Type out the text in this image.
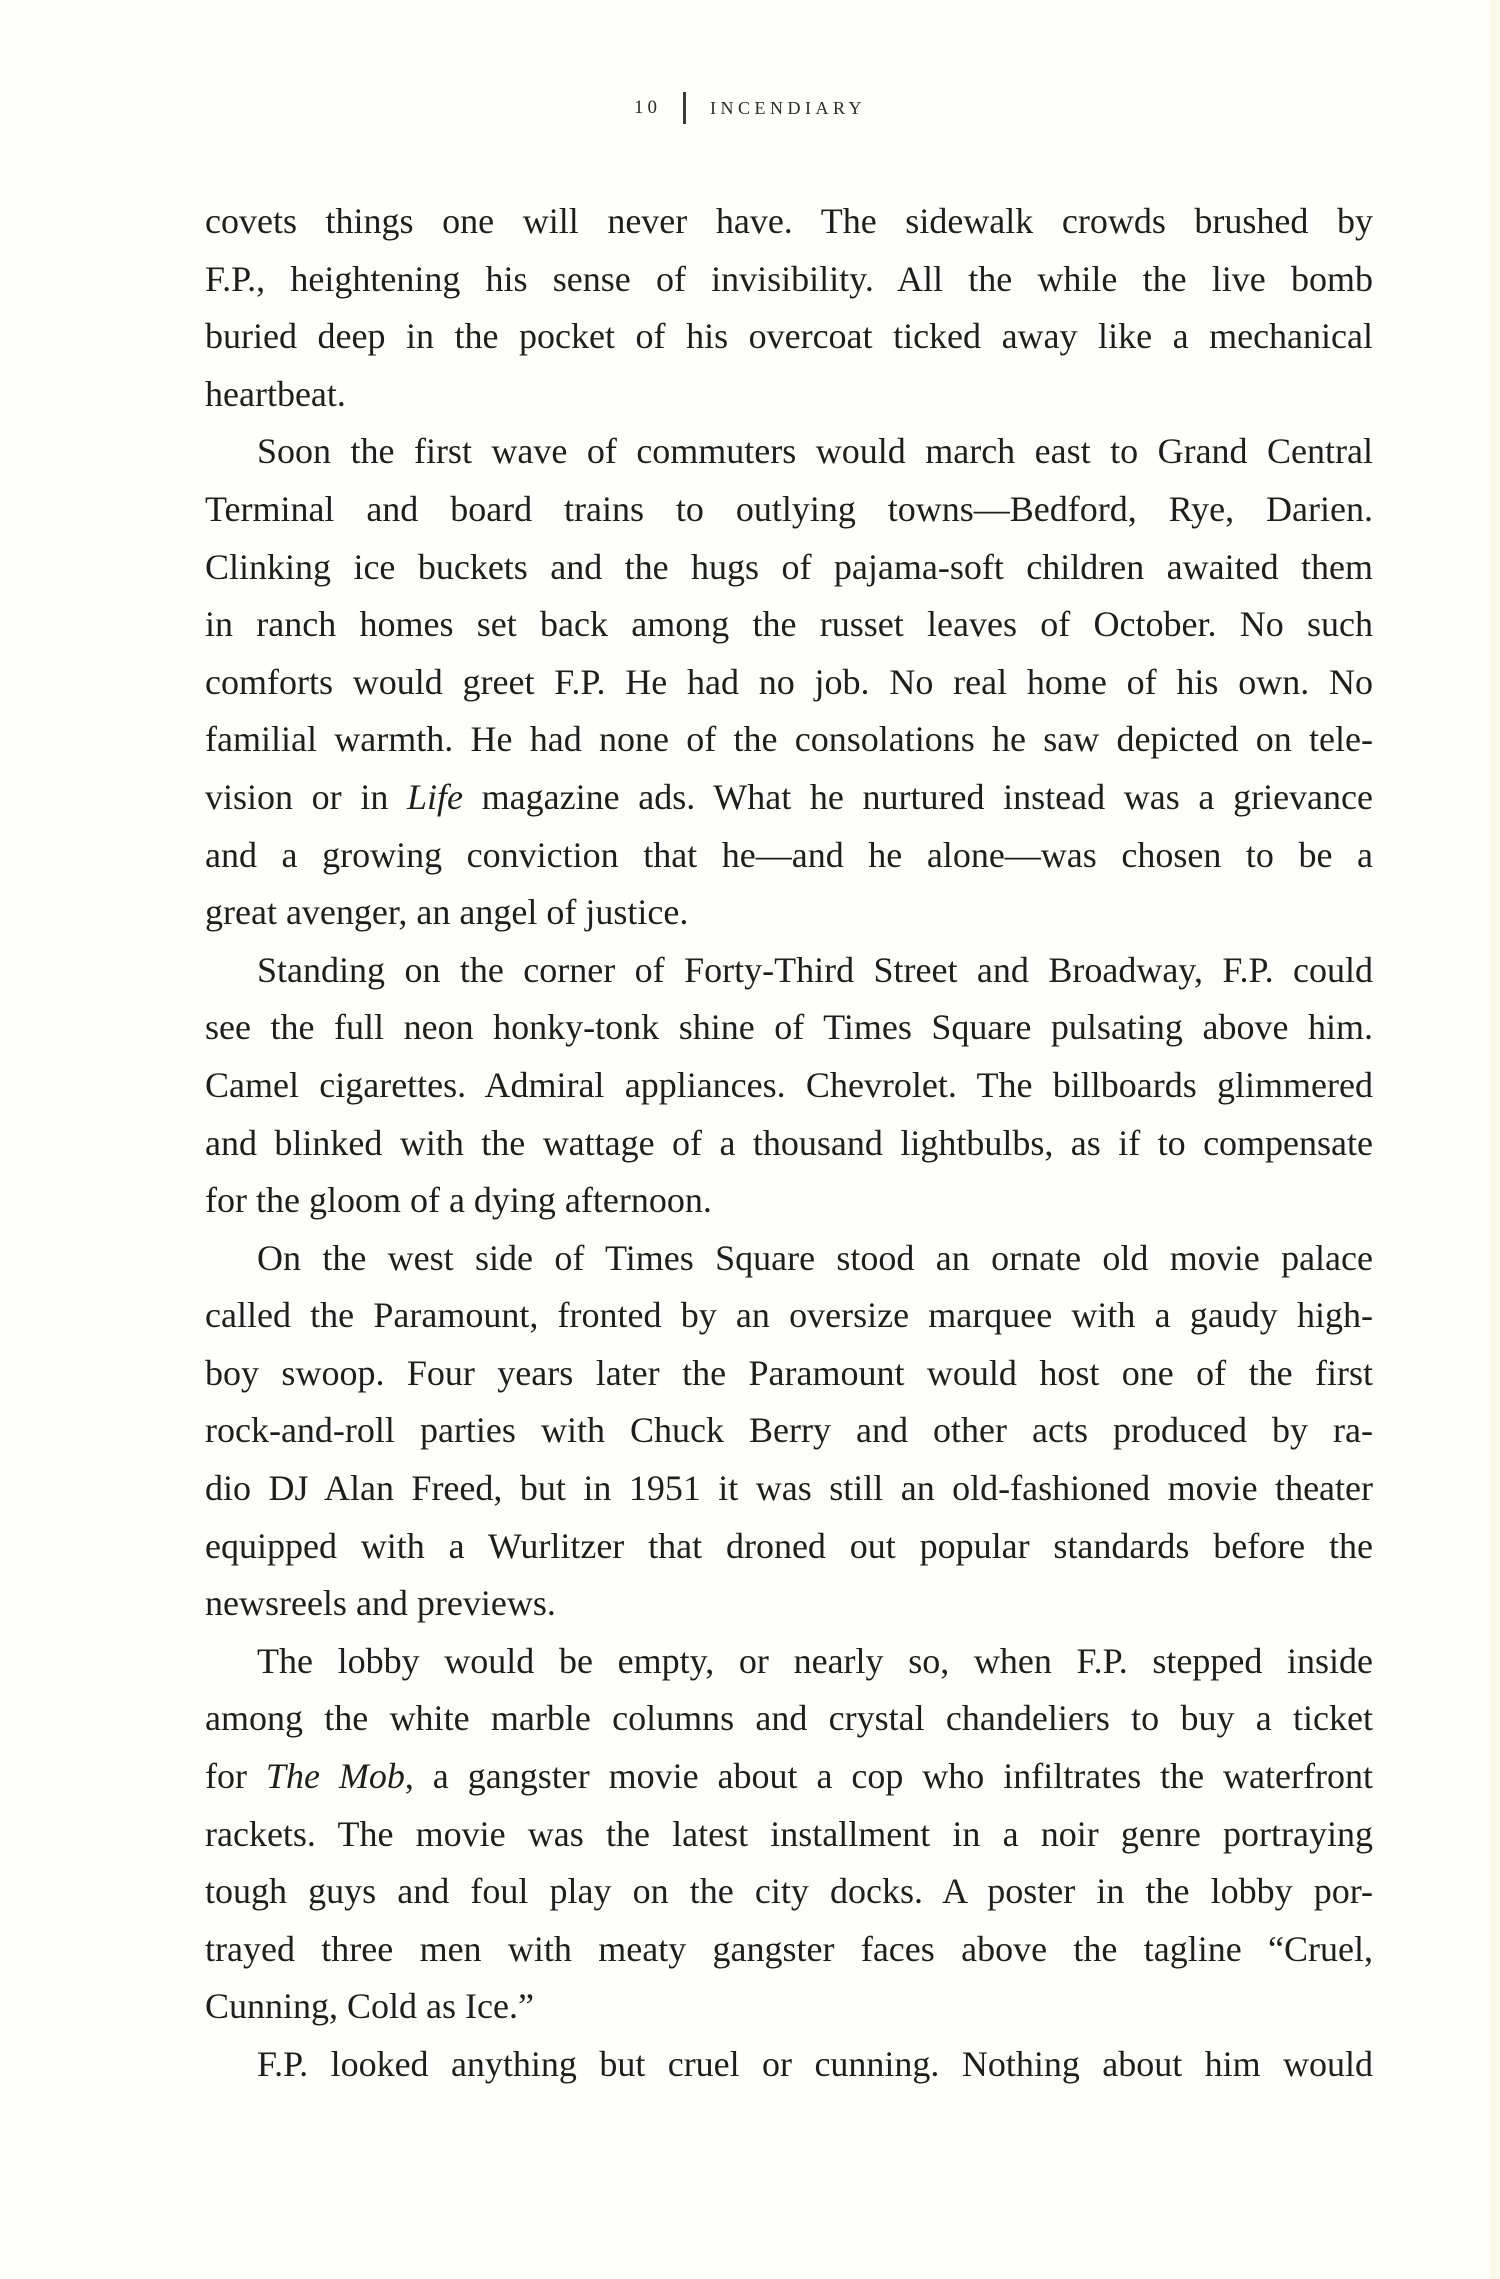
10	INCENDIARY
covets things one will never have. The sidewalk crowds brushed by
F.P., heightening his sense of invisibility. All the while the live bomb
buried deep in the pocket of his overcoat ticked away like a mechanical
heartbeat.
Soon the first wave of commuters would march east to Grand Central
Terminal and board trains to outlying towns—Bedford, Rye, Darien.
Clinking ice buckets and the hugs of pajama-soft children awaited them
in ranch homes set back among the russet leaves of October. No such
comforts would greet F.P. He had no job. No real home of his own. No
familial warmth. He had none of the consolations he saw depicted on tele-
vision or in Life magazine ads. What he nurtured instead was a grievance
and a growing conviction that he—and he alone—was chosen to be a
great avenger, an angel of justice.
Standing on the corner of Forty-Third Street and Broadway, F.P. could
see the full neon honky-tonk shine of Times Square pulsating above him.
Camel cigarettes. Admiral appliances. Chevrolet. The billboards glimmered
and blinked with the wattage of a thousand lightbulbs, as if to compensate
for the gloom of a dying afternoon.
On the west side of Times Square stood an ornate old movie palace
called the Paramount, fronted by an oversize marquee with a gaudy high-
boy swoop. Four years later the Paramount would host one of the first
rock-and-roll parties with Chuck Berry and other acts produced by ra-
dio DJ Alan Freed, but in 1951 it was still an old-fashioned movie theater
equipped with a Wurlitzer that droned out popular standards before the
newsreels and previews.
The lobby would be empty, or nearly so, when F.P. stepped inside
among the white marble columns and crystal chandeliers to buy a ticket
for The Mob, a gangster movie about a cop who infiltrates the waterfront
rackets. The movie was the latest installment in a noir genre portraying
tough guys and foul play on the city docks. A poster in the lobby por-
trayed three men with meaty gangster faces above the tagline “Cruel,
Cunning, Cold as Ice.”
F.P. looked anything but cruel or cunning. Nothing about him would
